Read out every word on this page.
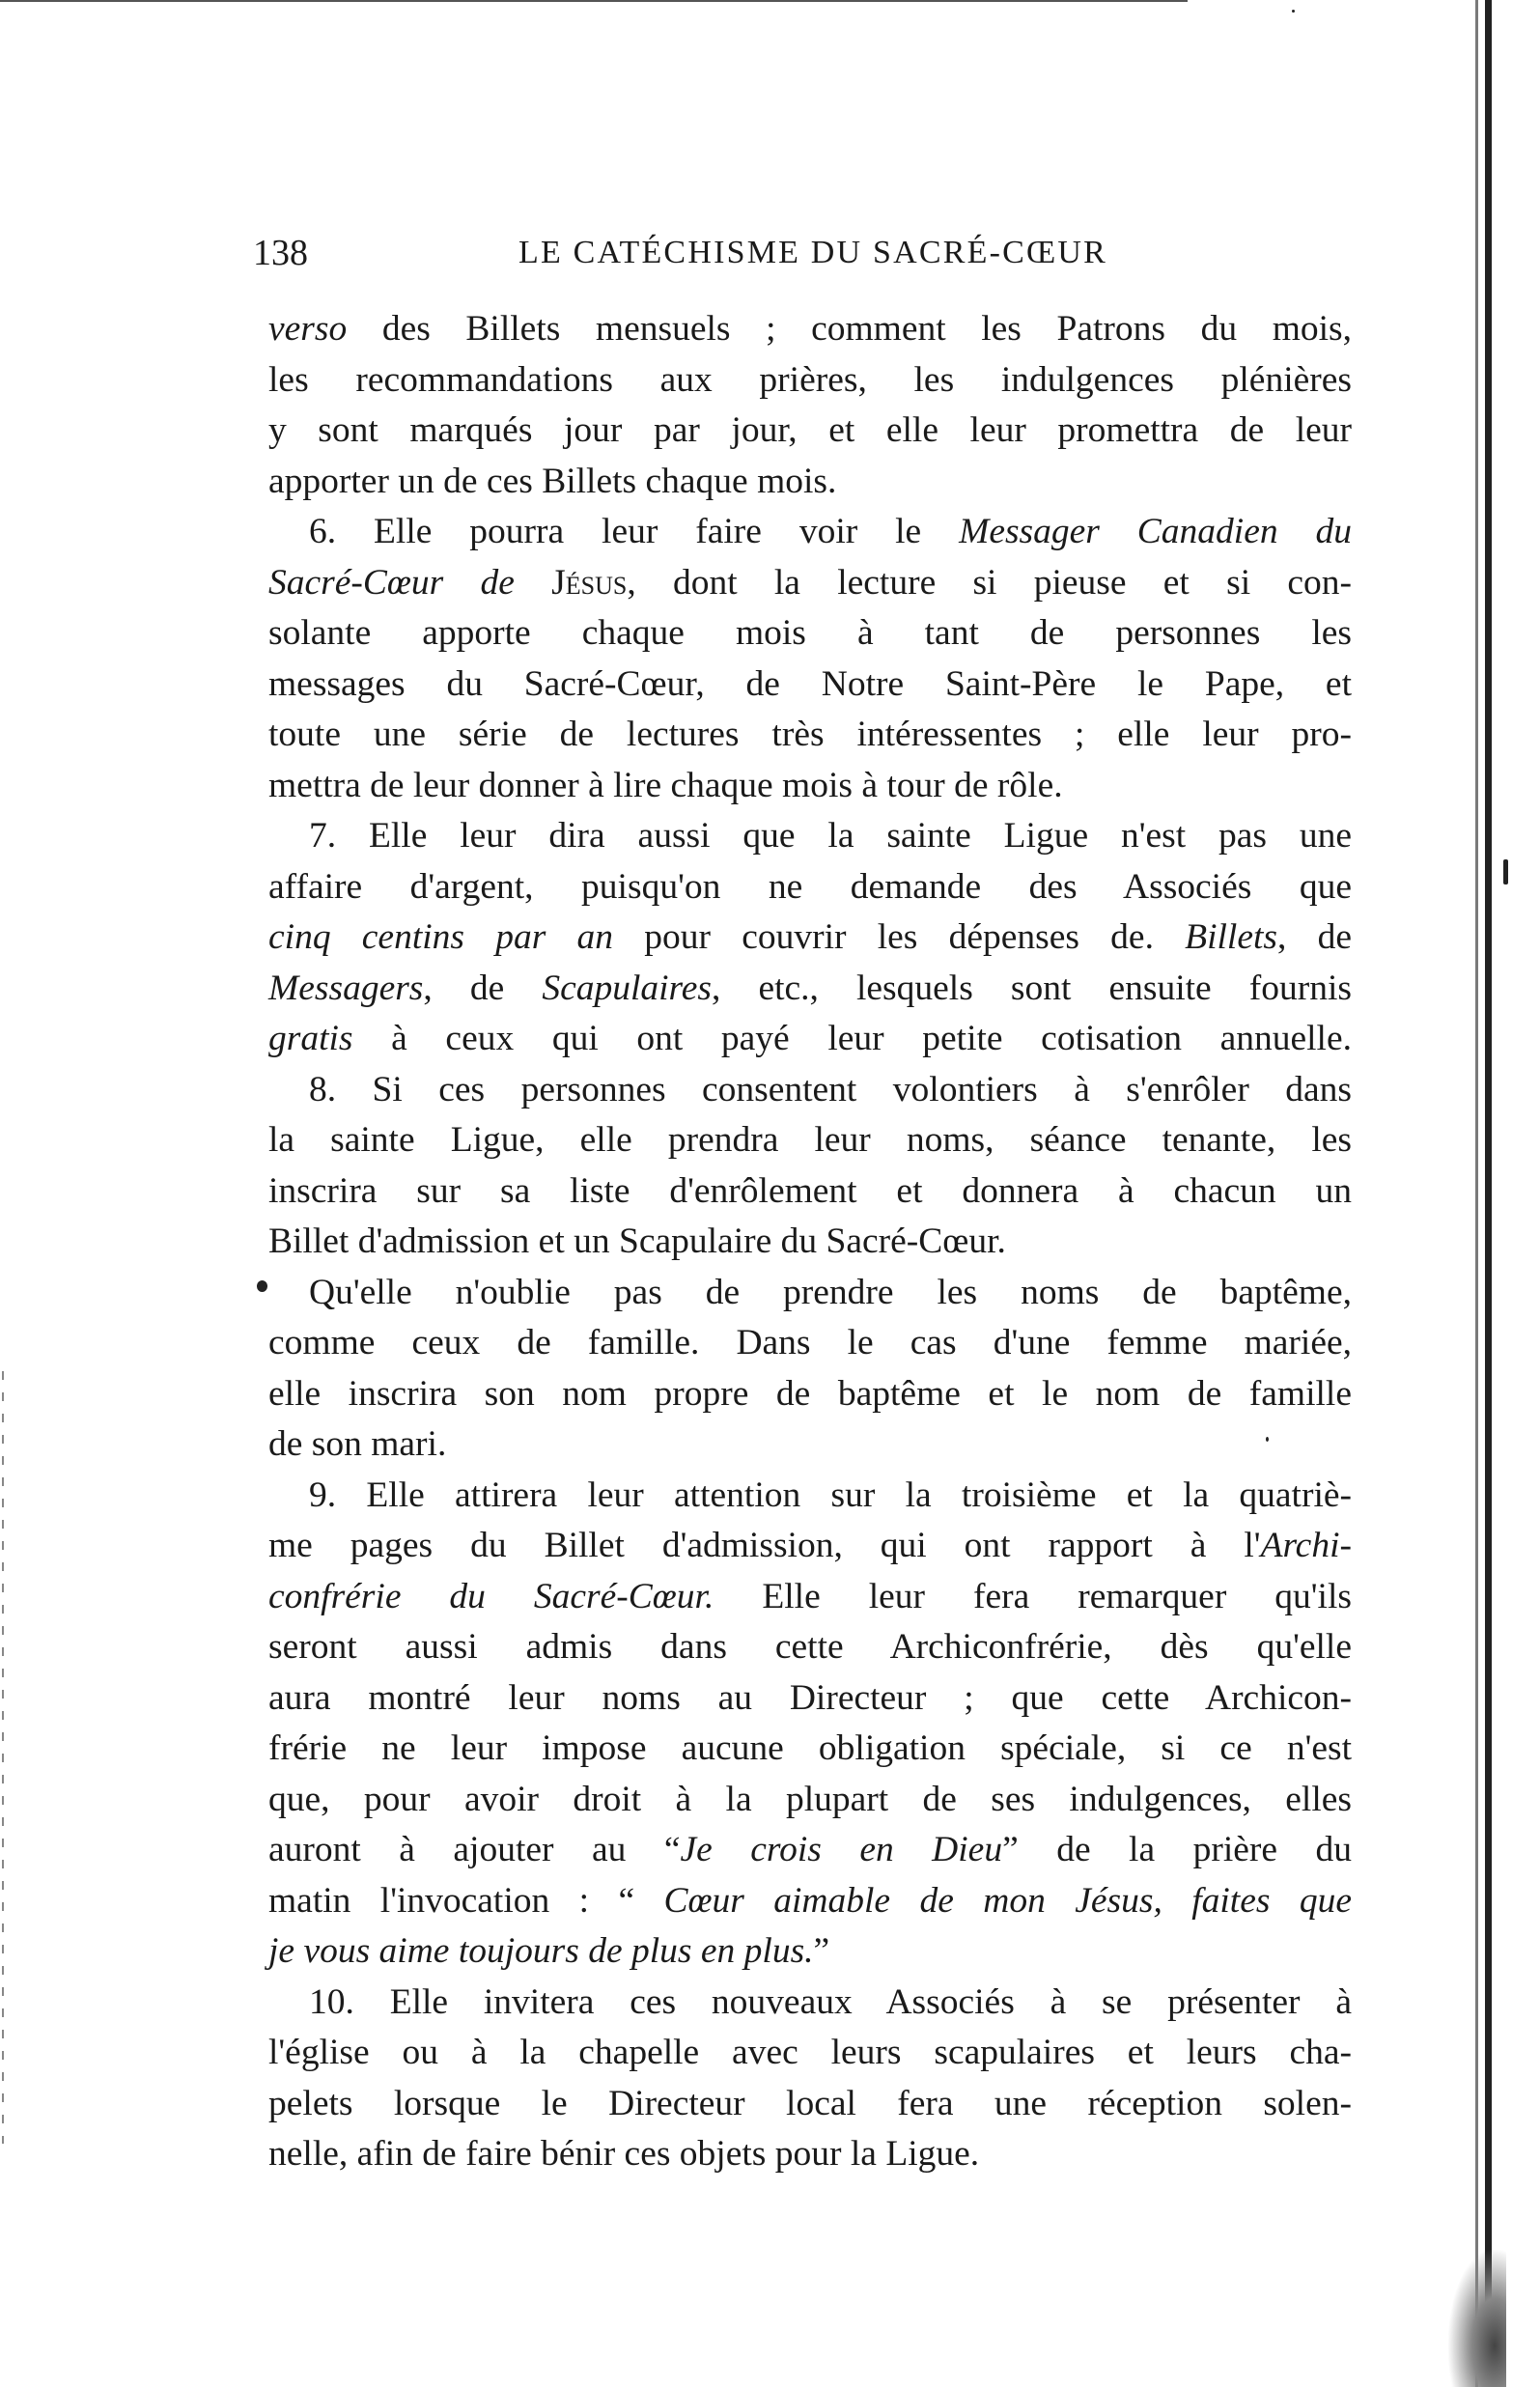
138	LE CATÉCHISME DU SACRÉ-CŒUR
verso des Billets mensuels ; comment les Patrons du mois,
les recommandations aux prières, les indulgences plénières
y sont marqués jour par jour, et elle leur promettra de leur
apporter un de ces Billets chaque mois.
6. Elle pourra leur faire voir le Messager Canadien du
Sacré-Cœur de Jésus, dont la lecture si pieuse et si con-
solante apporte chaque mois à tant de personnes les
messages du Sacré-Cœur, de Notre Saint-Père le Pape, et
toute une série de lectures très intéressentes ; elle leur pro-
mettra de leur donner à lire chaque mois à tour de rôle.
7. Elle leur dira aussi que la sainte Ligue n'est pas une
affaire d'argent, puisqu'on ne demande des Associés que
cinq centins par an pour couvrir les dépenses de. Billets, de
Messagers, de Scapulaires, etc., lesquels sont ensuite fournis
gratis à ceux qui ont payé leur petite cotisation annuelle.
8. Si ces personnes consentent volontiers à s'enrôler dans
la sainte Ligue, elle prendra leur noms, séance tenante, les
inscrira sur sa liste d'enrôlement et donnera à chacun un
Billet d'admission et un Scapulaire du Sacré-Cœur.
Qu'elle n'oublie pas de prendre les noms de baptême,
comme ceux de famille. Dans le cas d'une femme mariée,
elle inscrira son nom propre de baptême et le nom de famille
de son mari.
9. Elle attirera leur attention sur la troisième et la quatriè-
me pages du Billet d'admission, qui ont rapport à l'Archi-
confrérie du Sacré-Cœur. Elle leur fera remarquer qu'ils
seront aussi admis dans cette Archiconfrérie, dès qu'elle
aura montré leur noms au Directeur ; que cette Archicon-
frérie ne leur impose aucune obligation spéciale, si ce n'est
que, pour avoir droit à la plupart de ses indulgences, elles
auront à ajouter au “Je crois en Dieu” de la prière du
matin l'invocation : “ Cœur aimable de mon Jésus, faites que
je vous aime toujours de plus en plus.”
10. Elle invitera ces nouveaux Associés à se présenter à
l'église ou à la chapelle avec leurs scapulaires et leurs cha-
pelets lorsque le Directeur local fera une réception solen-
nelle, afin de faire bénir ces objets pour la Ligue.
